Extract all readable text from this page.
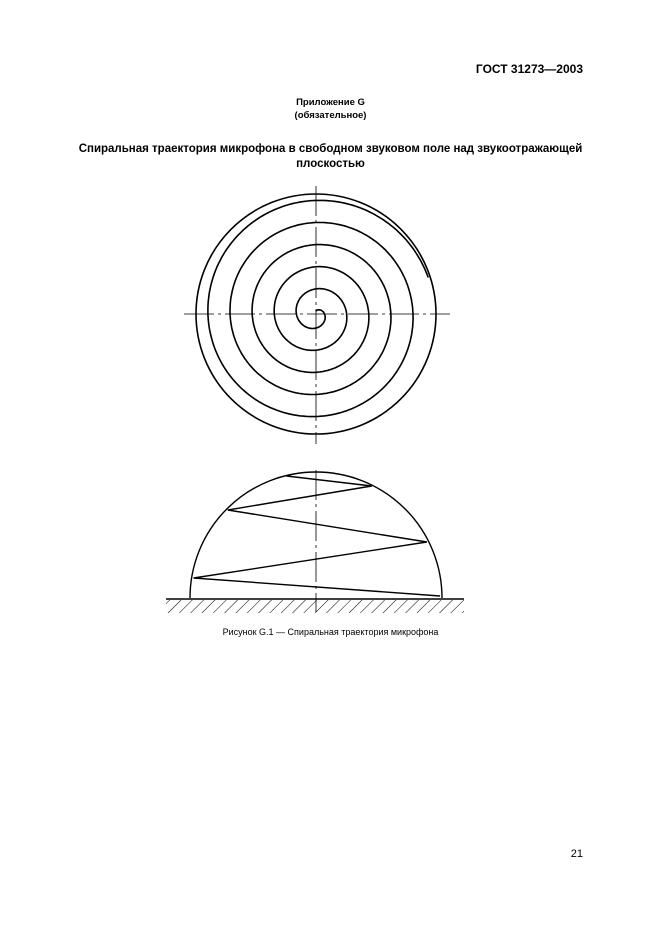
ГОСТ 31273—2003
Приложение G
(обязательное)
Спиральная траектория микрофона в свободном звуковом поле над звукоотражающей плоскостью
Рисунок G.1 — Спиральная траектория микрофона
21
